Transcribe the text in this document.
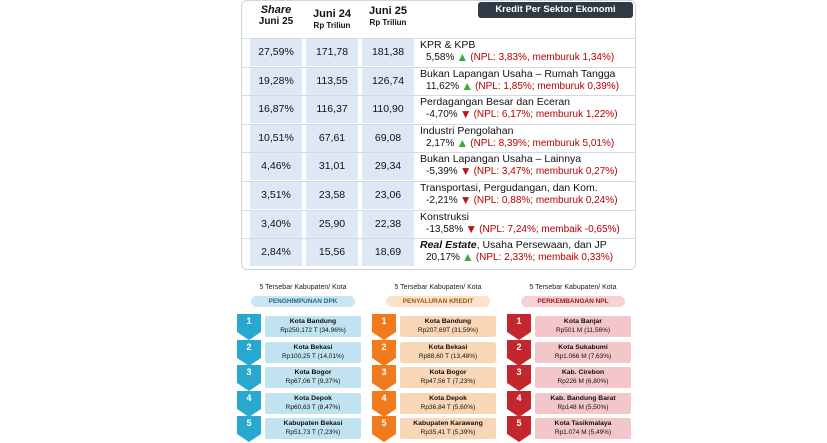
Share
Juni 25
Juni 24
Rp Triliun
Juni 25
Rp Triliun
Kredit Per Sektor Ekonomi
27,59%	171,78	181,38
KPR & KPB
5,58% ▲ (NPL: 3,83%, memburuk 1,34%)
19,28%	113,55	126,74
Bukan Lapangan Usaha – Rumah Tangga
11,62% ▲ (NPL: 1,85%; memburuk 0,39%)
16,87%	116,37	110,90
Perdagangan Besar dan Eceran
-4,70% ▼ (NPL: 6,17%; memburuk 1,22%)
10,51%	67,61	69,08
Industri Pengolahan
2,17% ▲ (NPL: 8,39%; memburuk 5,01%)
4,46%	31,01	29,34
Bukan Lapangan Usaha – Lainnya
-5,39% ▼ (NPL: 3,47%; memburuk 0,27%)
3,51%	23,58	23,06
Transportasi, Pergudangan, dan Kom.
-2,21% ▼ (NPL: 0,88%; memburuk 0,24%)
3,40%	25,90	22,38
Konstruksi
-13,58% ▼ (NPL: 7,24%; membaik -0,65%)
2,84%	15,56	18,69
Real Estate, Usaha Persewaan, dan JP
20,17% ▲ (NPL: 2,33%; membaik 0,33%)
5 Tersebar Kabupaten/ Kota
PENGHIMPUNAN DPK
1	Kota Bandung
Rp250,172 T (34,96%)
2	Kota Bekasi
Rp100,25 T (14,01%)
3	Kota Bogor
Rp67,06 T (9,37%)
4	Kota Depok
Rp60,63 T (8,47%)
5	Kabupaten Bekasi
Rp51,73 T (7,23%)
5 Tersebar Kabupaten/ Kota
PENYALURAN KREDIT
1	Kota Bandung
Rp207,69T (31,59%)
2	Kota Bekasi
Rp88,60 T (13,48%)
3	Kota Bogor
Rp47,56 T (7,23%)
4	Kota Depok
Rp36,84 T (5,60%)
5	Kabupaten Karawang
Rp35,41 T (5,39%)
5 Tersebar Kabupaten/ Kota
PERKEMBANGAN NPL
1	Kota Banjar
Rp501 M (11,56%)
2	Kota Sukabumi
Rp1.066 M (7,63%)
3	Kab. Cirebon
Rp226 M (6,80%)
4	Kab. Bandung Barat
Rp148 M (5,50%)
5	Kota Tasikmalaya
Rp1.074 M (5,49%)
